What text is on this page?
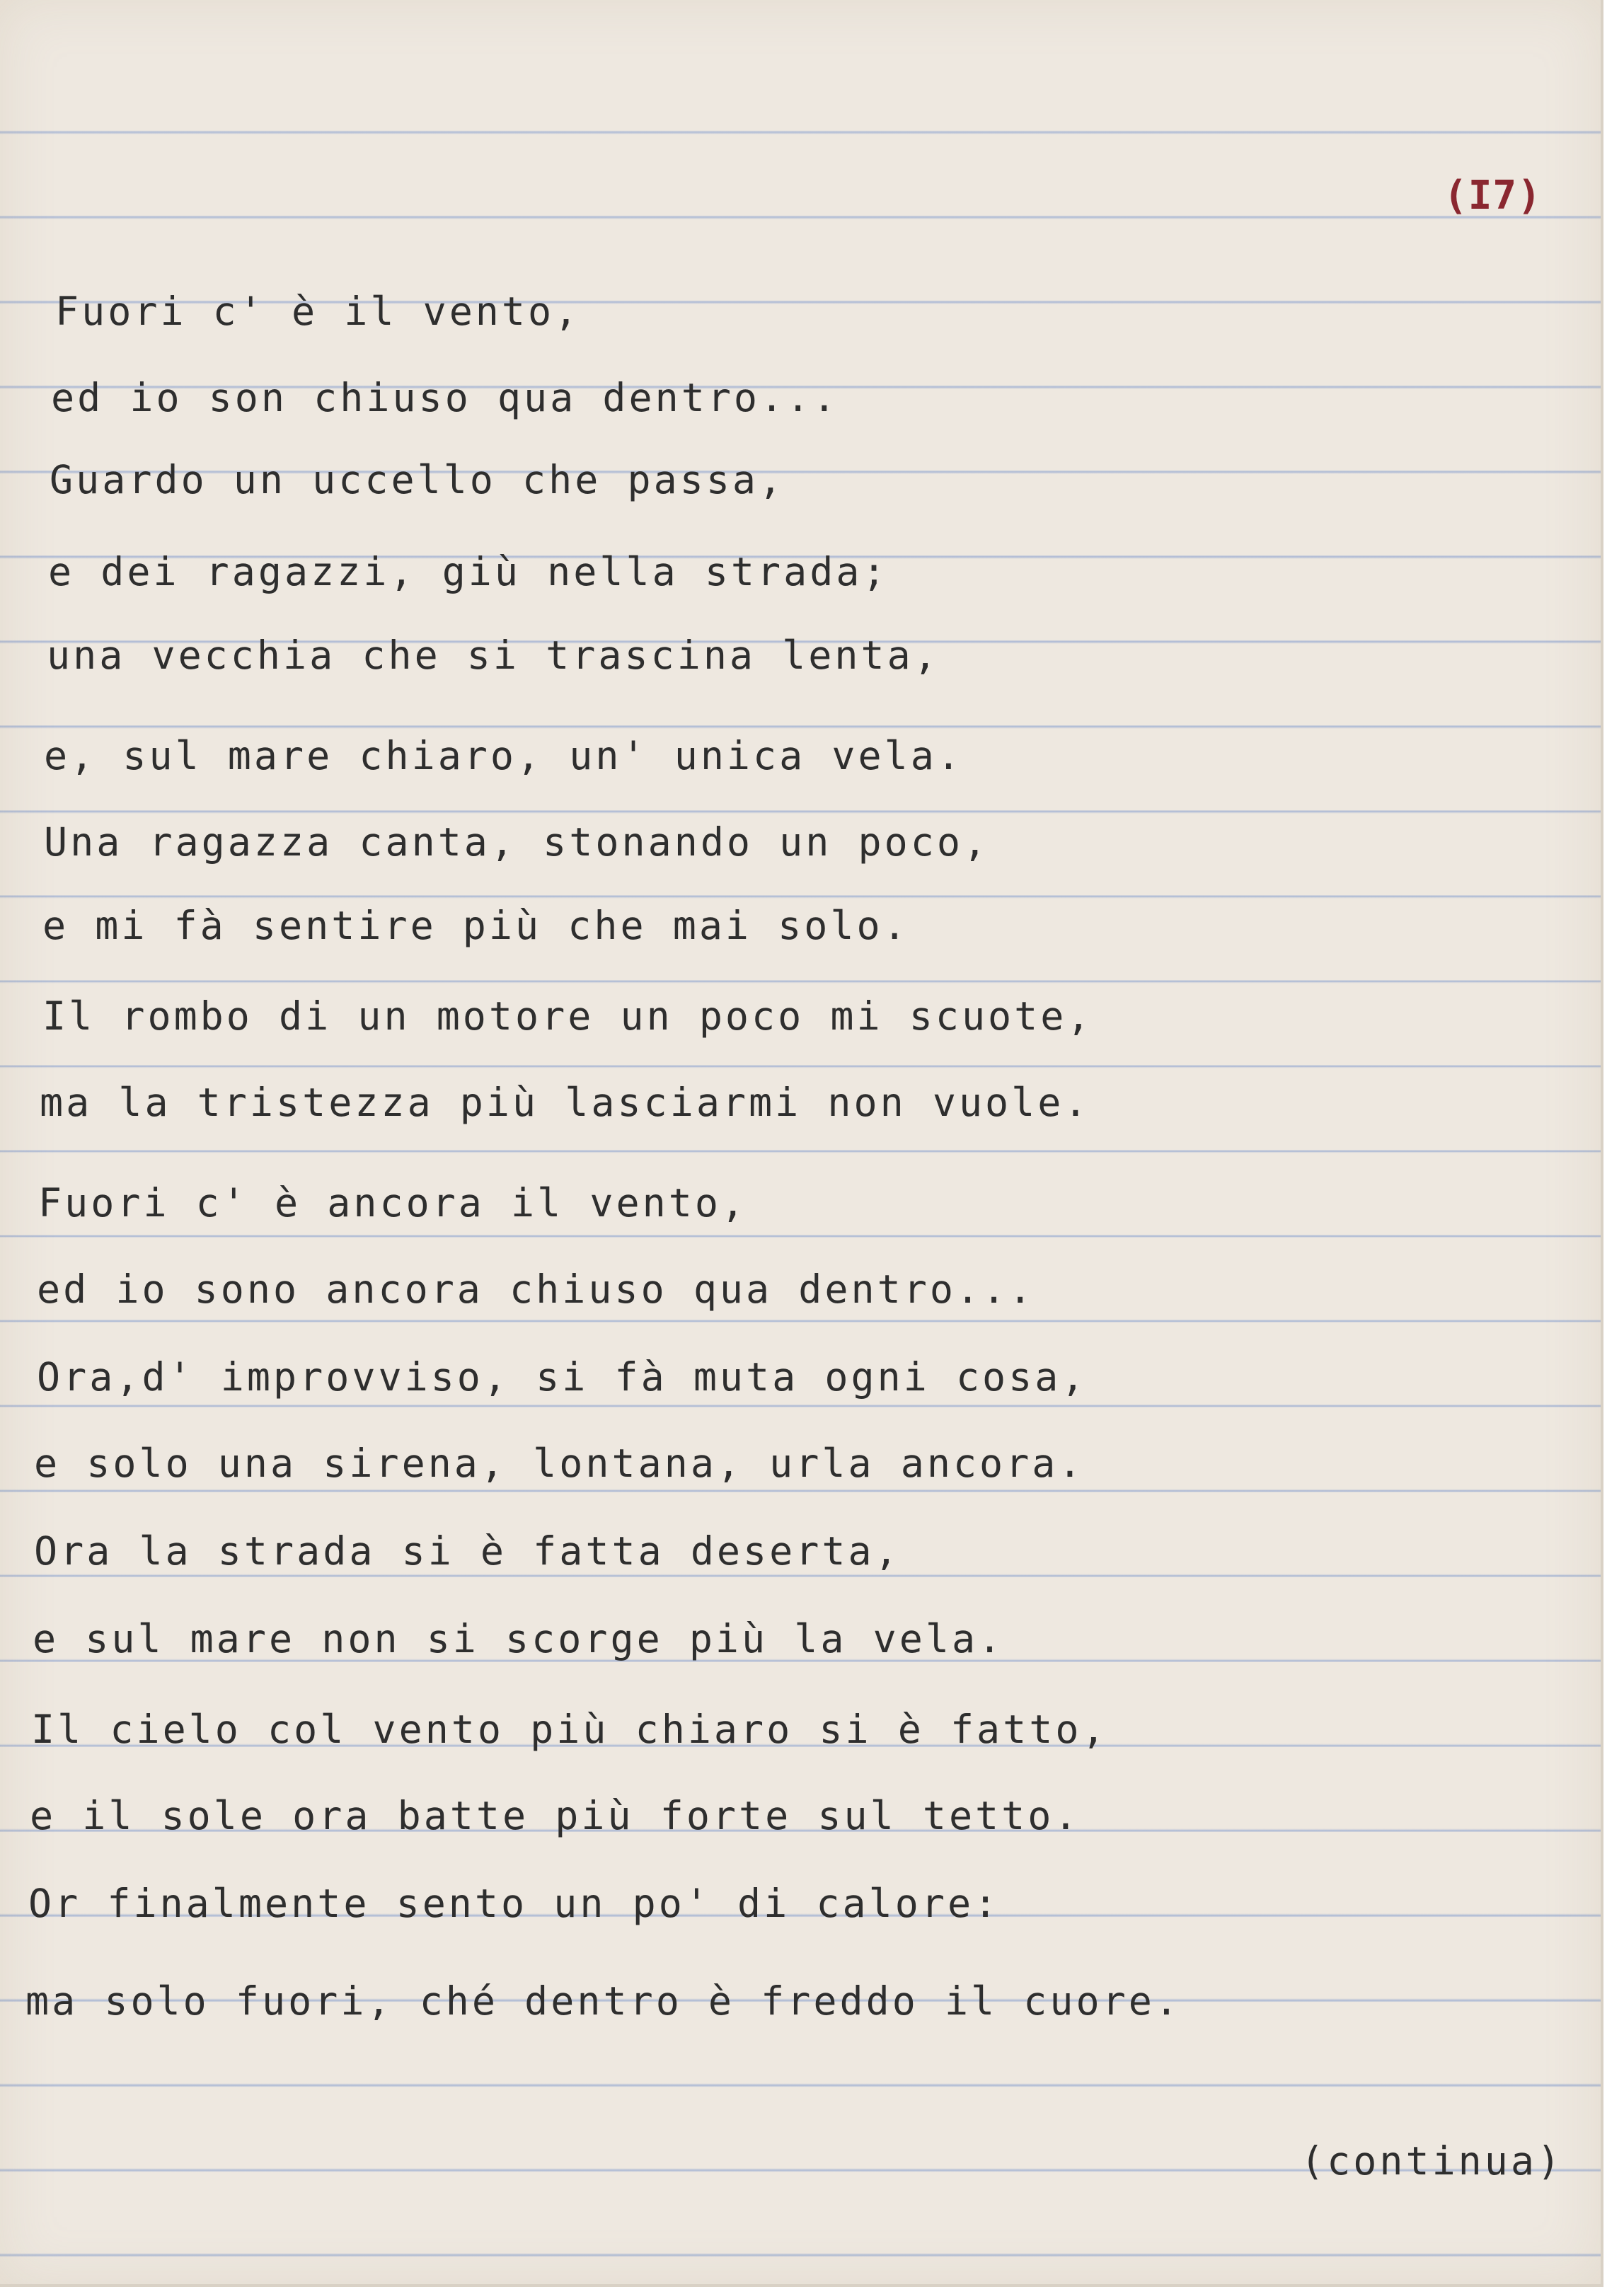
(I7)
Fuori c' è il vento,
ed io son chiuso qua dentro...
Guardo un uccello che passa,
e dei ragazzi, giù nella strada;
una vecchia che si trascina lenta,
e, sul mare chiaro, un' unica vela.
Una ragazza canta, stonando un poco,
e mi fà sentire più che mai solo.
Il rombo di un motore un poco mi scuote,
ma la tristezza più lasciarmi non vuole.
Fuori c' è ancora il vento,
ed io sono ancora chiuso qua dentro...
Ora,d' improvviso, si fà muta ogni cosa,
e solo una sirena, lontana, urla ancora.
Ora la strada si è fatta deserta,
e sul mare non si scorge più la vela.
Il cielo col vento più chiaro si è fatto,
e il sole ora batte più forte sul tetto.
Or finalmente sento un po' di calore:
ma solo fuori, ché dentro è freddo il cuore.
(continua)
